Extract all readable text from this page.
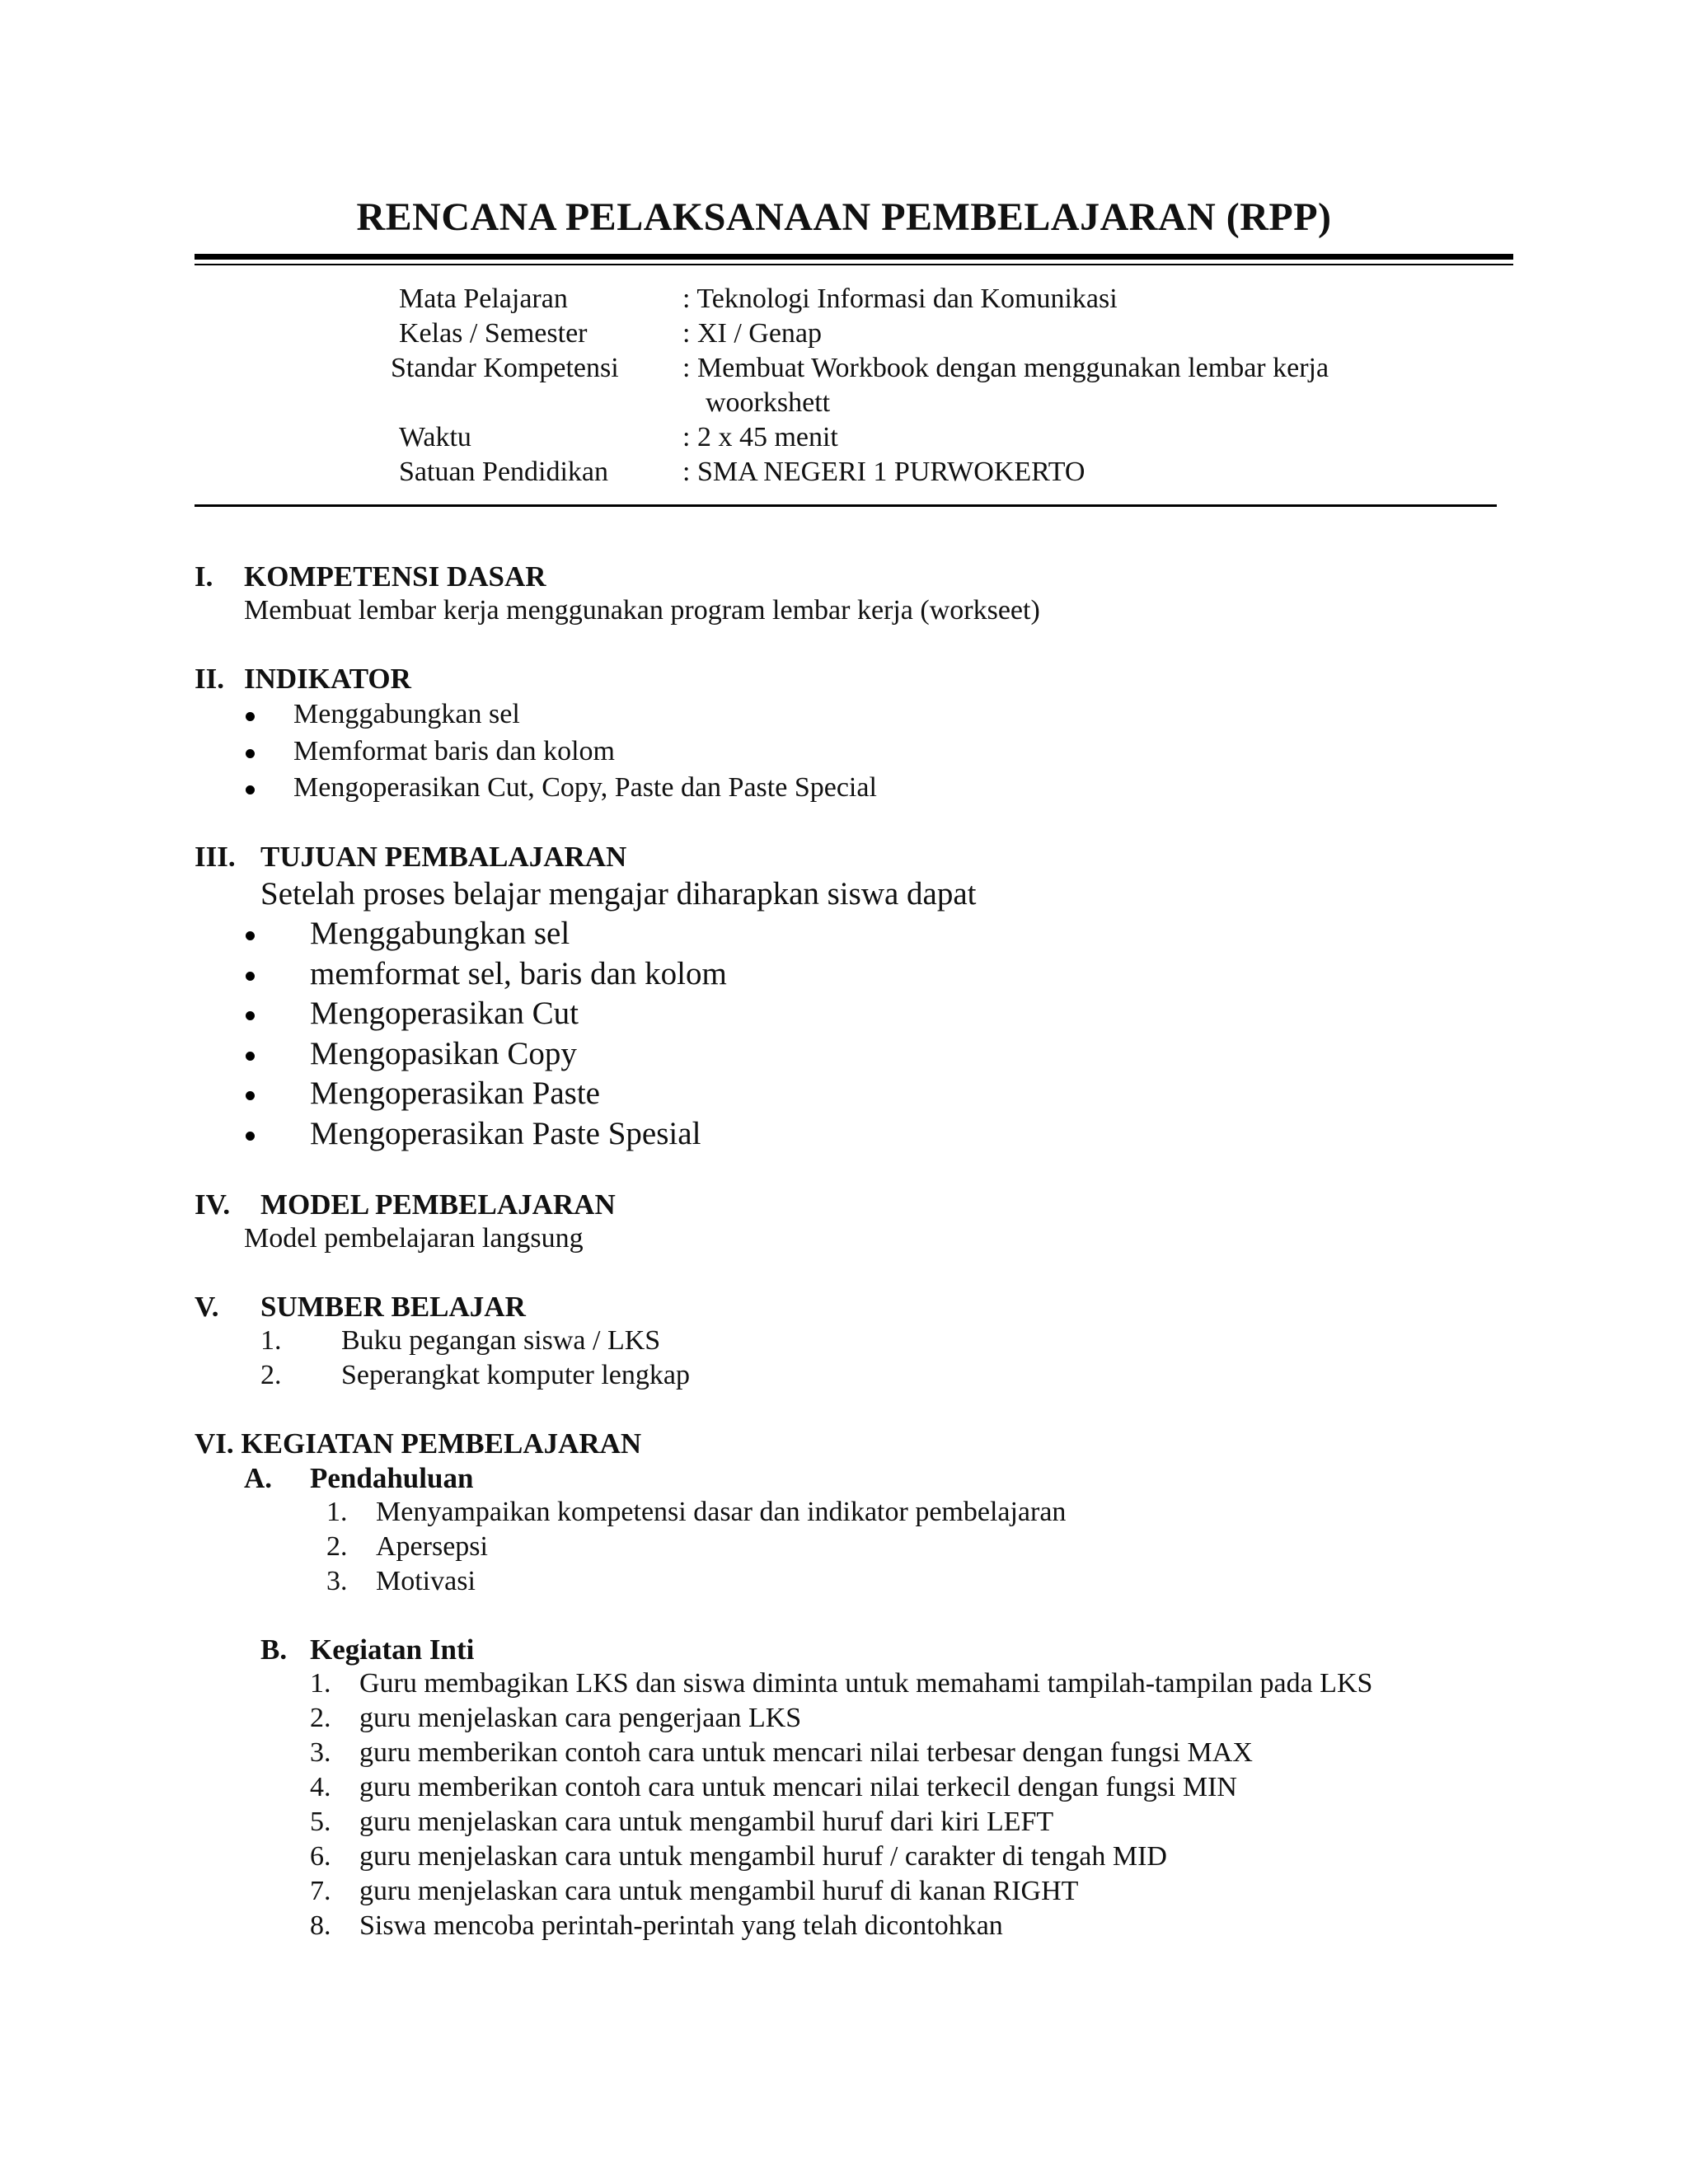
RENCANA PELAKSANAAN PEMBELAJARAN (RPP)
Mata Pelajaran	: Teknologi Informasi dan Komunikasi
Kelas / Semester	: XI / Genap
Standar Kompetensi : Membuat Workbook dengan menggunakan lembar kerja
woorkshett
Waktu	: 2 x 45 menit
Satuan Pendidikan	: SMA NEGERI 1 PURWOKERTO
I. KOMPETENSI DASAR
Membuat lembar kerja menggunakan program lembar kerja (workseet)
II. INDIKATOR
Menggabungkan sel
Memformat baris dan kolom
Mengoperasikan Cut, Copy, Paste dan Paste Special
III. TUJUAN PEMBALAJARAN
Setelah proses belajar mengajar diharapkan siswa dapat
Menggabungkan sel
memformat sel, baris dan kolom
Mengoperasikan Cut
Mengopasikan Copy
Mengoperasikan Paste
Mengoperasikan Paste Spesial
IV. MODEL PEMBELAJARAN
Model pembelajaran langsung
V. SUMBER BELAJAR
1. Buku pegangan siswa / LKS
2. Seperangkat komputer lengkap
VI. KEGIATAN PEMBELAJARAN
A. Pendahuluan
1. Menyampaikan kompetensi dasar dan indikator pembelajaran
2. Apersepsi
3. Motivasi
B. Kegiatan Inti
1. Guru membagikan LKS dan siswa diminta untuk memahami tampilah-tampilan pada LKS
2. guru menjelaskan cara pengerjaan LKS
3. guru memberikan contoh cara untuk mencari nilai terbesar dengan fungsi MAX
4. guru memberikan contoh cara untuk mencari nilai terkecil dengan fungsi MIN
5. guru menjelaskan cara untuk mengambil huruf dari kiri LEFT
6. guru menjelaskan cara untuk mengambil huruf / carakter di tengah MID
7. guru menjelaskan cara untuk mengambil huruf di kanan RIGHT
8. Siswa mencoba perintah-perintah yang telah dicontohkan
